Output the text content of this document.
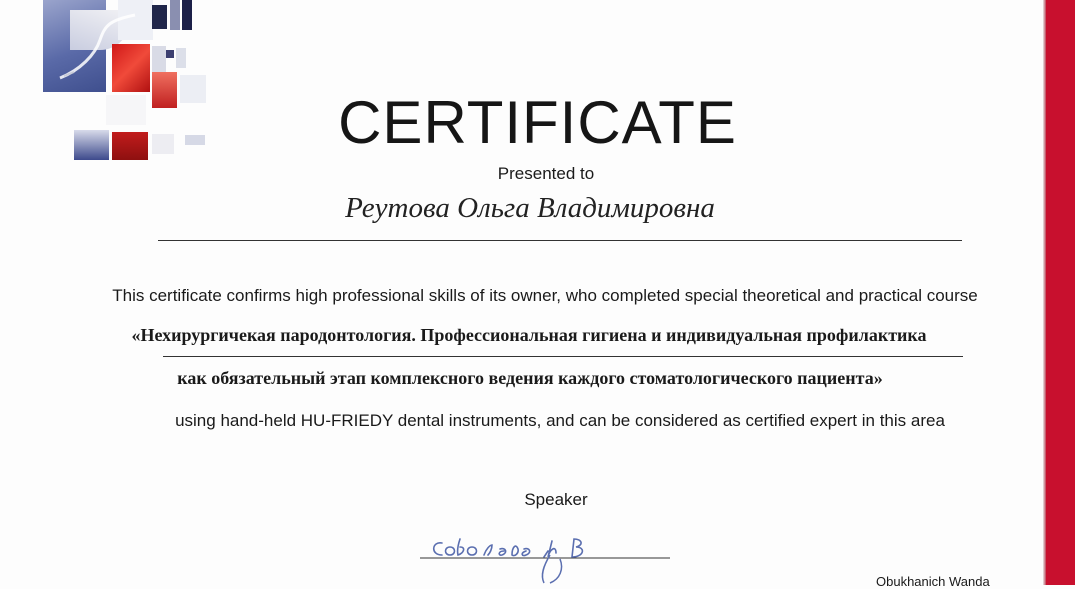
CERTIFICATE
Presented to
Реутова Ольга Владимировна
This certificate confirms high professional skills of its owner, who completed special theoretical and practical course
«Нехирургичекая пародонтология. Профессиональная гигиена и индивидуальная профилактика
как обязательный этап комплексного ведения каждого стоматологического пациента»
using hand-held HU-FRIEDY dental instruments, and can be considered as certified expert in this area
Speaker
Obukhanich Wanda
